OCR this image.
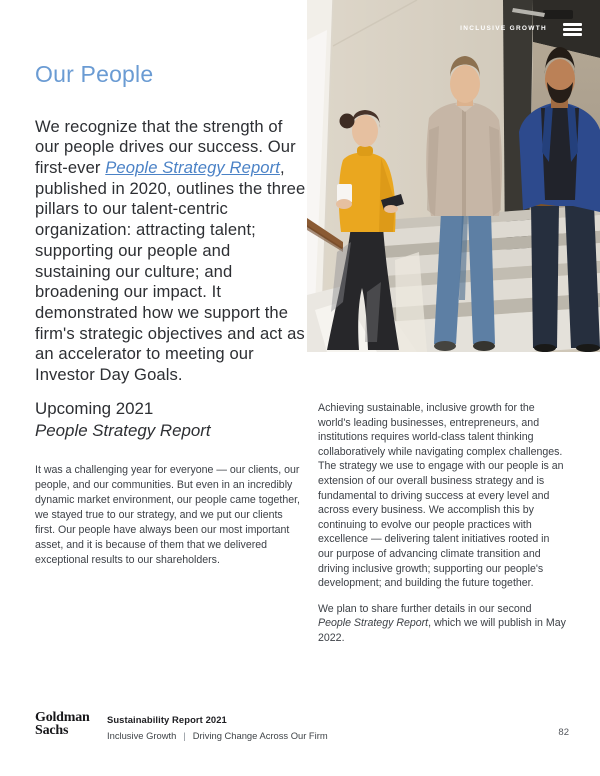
INCLUSIVE GROWTH
Our People

We recognize that the strength of our people drives our success. Our first-ever People Strategy Report, published in 2020, outlines the three pillars to our talent-centric organization: attracting talent; supporting our people and sustaining our culture; and broadening our impact. It demonstrated how we support the firm's strategic objectives and act as an accelerator to meeting our Investor Day Goals.

Upcoming 2021
People Strategy Report

It was a challenging year for everyone — our clients, our people, and our communities. But even in an incredibly dynamic market environment, our people came together, we stayed true to our strategy, and we put our clients first. Our people have always been our most important asset, and it is because of them that we delivered exceptional results to our shareholders.

Achieving sustainable, inclusive growth for the world's leading businesses, entrepreneurs, and institutions requires world-class talent thinking collaboratively while navigating complex challenges. The strategy we use to engage with our people is an extension of our overall business strategy and is fundamental to driving success at every level and across every business. We accomplish this by continuing to evolve our people practices with excellence — delivering talent initiatives rooted in our purpose of advancing climate transition and driving inclusive growth; supporting our people's development; and building the future together.

We plan to share further details in our second People Strategy Report, which we will publish in May 2022.

Goldman
Sachs
Sustainability Report 2021
Inclusive Growth | Driving Change Across Our Firm	82
